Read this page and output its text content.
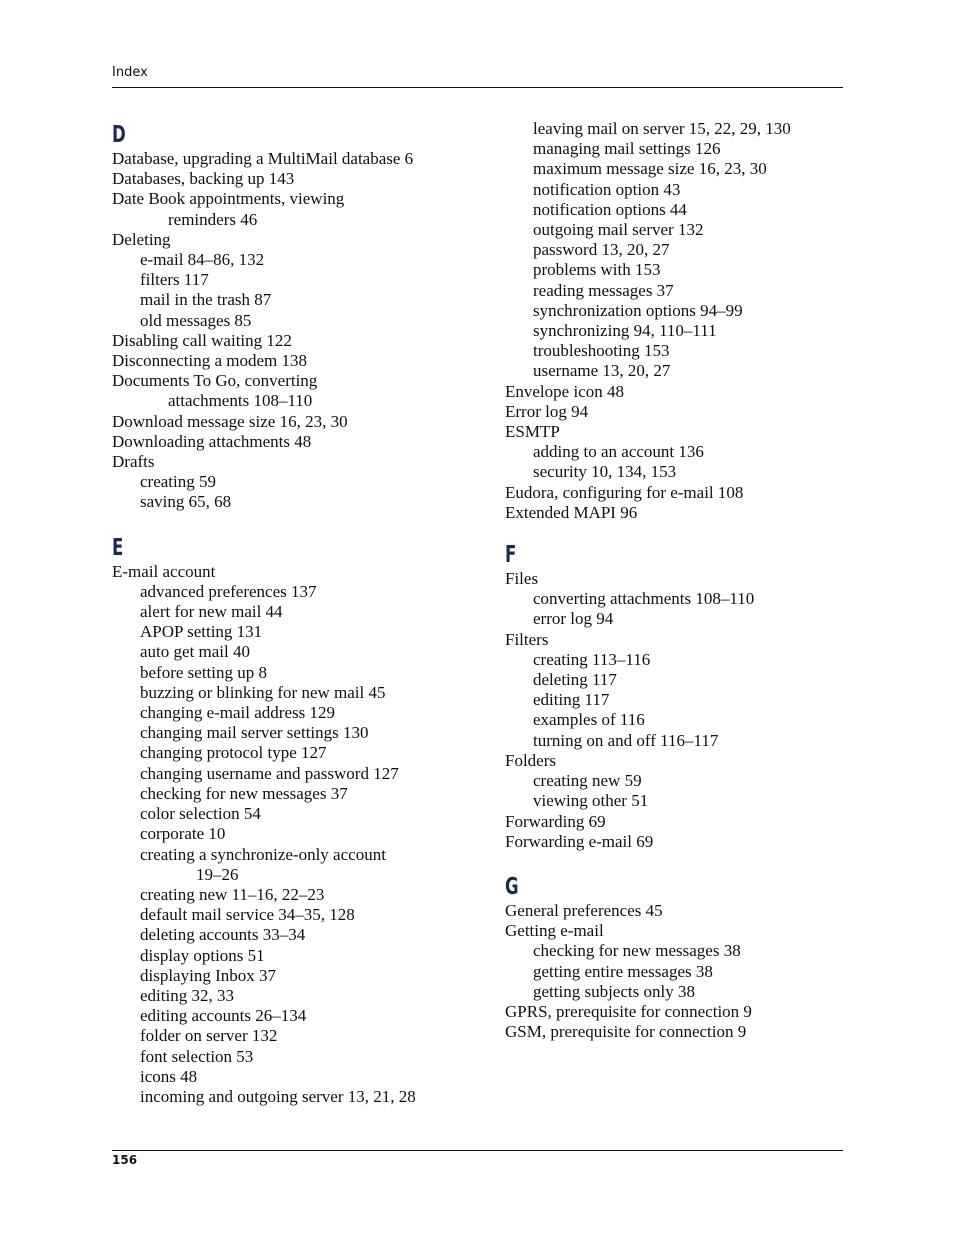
Index
D
Database, upgrading a MultiMail database 6
Databases, backing up 143
Date Book appointments, viewing
reminders 46
Deleting
e-mail 84–86, 132
filters 117
mail in the trash 87
old messages 85
Disabling call waiting 122
Disconnecting a modem 138
Documents To Go, converting
attachments 108–110
Download message size 16, 23, 30
Downloading attachments 48
Drafts
creating 59
saving 65, 68
E
E-mail account
advanced preferences 137
alert for new mail 44
APOP setting 131
auto get mail 40
before setting up 8
buzzing or blinking for new mail 45
changing e-mail address 129
changing mail server settings 130
changing protocol type 127
changing username and password 127
checking for new messages 37
color selection 54
corporate 10
creating a synchronize-only account
19–26
creating new 11–16, 22–23
default mail service 34–35, 128
deleting accounts 33–34
display options 51
displaying Inbox 37
editing 32, 33
editing accounts 26–134
folder on server 132
font selection 53
icons 48
incoming and outgoing server 13, 21, 28
leaving mail on server 15, 22, 29, 130
managing mail settings 126
maximum message size 16, 23, 30
notification option 43
notification options 44
outgoing mail server 132
password 13, 20, 27
problems with 153
reading messages 37
synchronization options 94–99
synchronizing 94, 110–111
troubleshooting 153
username 13, 20, 27
Envelope icon 48
Error log 94
ESMTP
adding to an account 136
security 10, 134, 153
Eudora, configuring for e-mail 108
Extended MAPI 96
F
Files
converting attachments 108–110
error log 94
Filters
creating 113–116
deleting 117
editing 117
examples of 116
turning on and off 116–117
Folders
creating new 59
viewing other 51
Forwarding 69
Forwarding e-mail 69
G
General preferences 45
Getting e-mail
checking for new messages 38
getting entire messages 38
getting subjects only 38
GPRS, prerequisite for connection 9
GSM, prerequisite for connection 9
156
